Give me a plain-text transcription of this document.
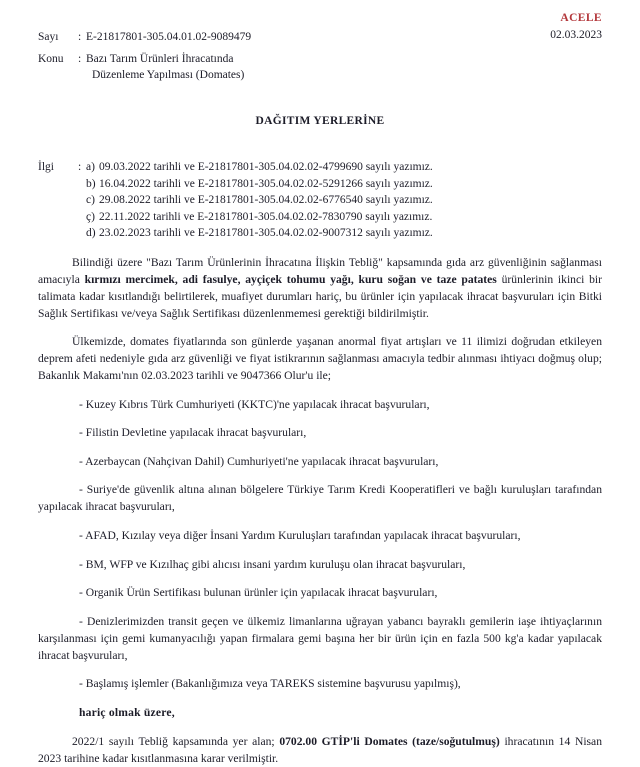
ACELE
02.03.2023
Sayı	: E-21817801-305.04.01.02-9089479
Konu	: Bazı Tarım Ürünleri İhracatında
Düzenleme Yapılması (Domates)
DAĞITIM YERLERİNE
İlgi	: a) 09.03.2022 tarihli ve E-21817801-305.04.02.02-4799690 sayılı yazımız.
b) 16.04.2022 tarihli ve E-21817801-305.04.02.02-5291266 sayılı yazımız.
c) 29.08.2022 tarihli ve E-21817801-305.04.02.02-6776540 sayılı yazımız.
ç) 22.11.2022 tarihli ve E-21817801-305.04.02.02-7830790 sayılı yazımız.
d) 23.02.2023 tarihli ve E-21817801-305.04.02.02-9007312 sayılı yazımız.

Bilindiği üzere "Bazı Tarım Ürünlerinin İhracatına İlişkin Tebliğ" kapsamında gıda arz güvenliğinin sağlanması amacıyla kırmızı mercimek, adi fasulye, ayçiçek tohumu yağı, kuru soğan ve taze patates ürünlerinin ikinci bir talimata kadar kısıtlandığı belirtilerek, muafiyet durumları hariç, bu ürünler için yapılacak ihracat başvuruları için Bitki Sağlık Sertifikası ve/veya Sağlık Sertifikası düzenlenmemesi gerektiği bildirilmiştir.

Ülkemizde, domates fiyatlarında son günlerde yaşanan anormal fiyat artışları ve 11 ilimizi doğrudan etkileyen deprem afeti nedeniyle gıda arz güvenliği ve fiyat istikrarının sağlanması amacıyla tedbir alınması ihtiyacı doğmuş olup; Bakanlık Makamı'nın 02.03.2023 tarihli ve 9047366 Olur'u ile;

- Kuzey Kıbrıs Türk Cumhuriyeti (KKTC)'ne yapılacak ihracat başvuruları,

- Filistin Devletine yapılacak ihracat başvuruları,

- Azerbaycan (Nahçivan Dahil) Cumhuriyeti'ne yapılacak ihracat başvuruları,

- Suriye'de güvenlik altına alınan bölgelere Türkiye Tarım Kredi Kooperatifleri ve bağlı kuruluşları tarafından yapılacak ihracat başvuruları,

- AFAD, Kızılay veya diğer İnsani Yardım Kuruluşları tarafından yapılacak ihracat başvuruları,

- BM, WFP ve Kızılhaç gibi alıcısı insani yardım kuruluşu olan ihracat başvuruları,

- Organik Ürün Sertifikası bulunan ürünler için yapılacak ihracat başvuruları,

- Denizlerimizden transit geçen ve ülkemiz limanlarına uğrayan yabancı bayraklı gemilerin iaşe ihtiyaçlarının karşılanması için gemi kumanyacılığı yapan firmalara gemi başına her bir ürün için en fazla 500 kg'a kadar yapılacak ihracat başvuruları,

- Başlamış işlemler (Bakanlığımıza veya TAREKS sistemine başvurusu yapılmış),

hariç olmak üzere,

2022/1 sayılı Tebliğ kapsamında yer alan; 0702.00 GTİP'li Domates (taze/soğutulmuş) ihracatının 14 Nisan 2023 tarihine kadar kısıtlanmasına karar verilmiştir.
